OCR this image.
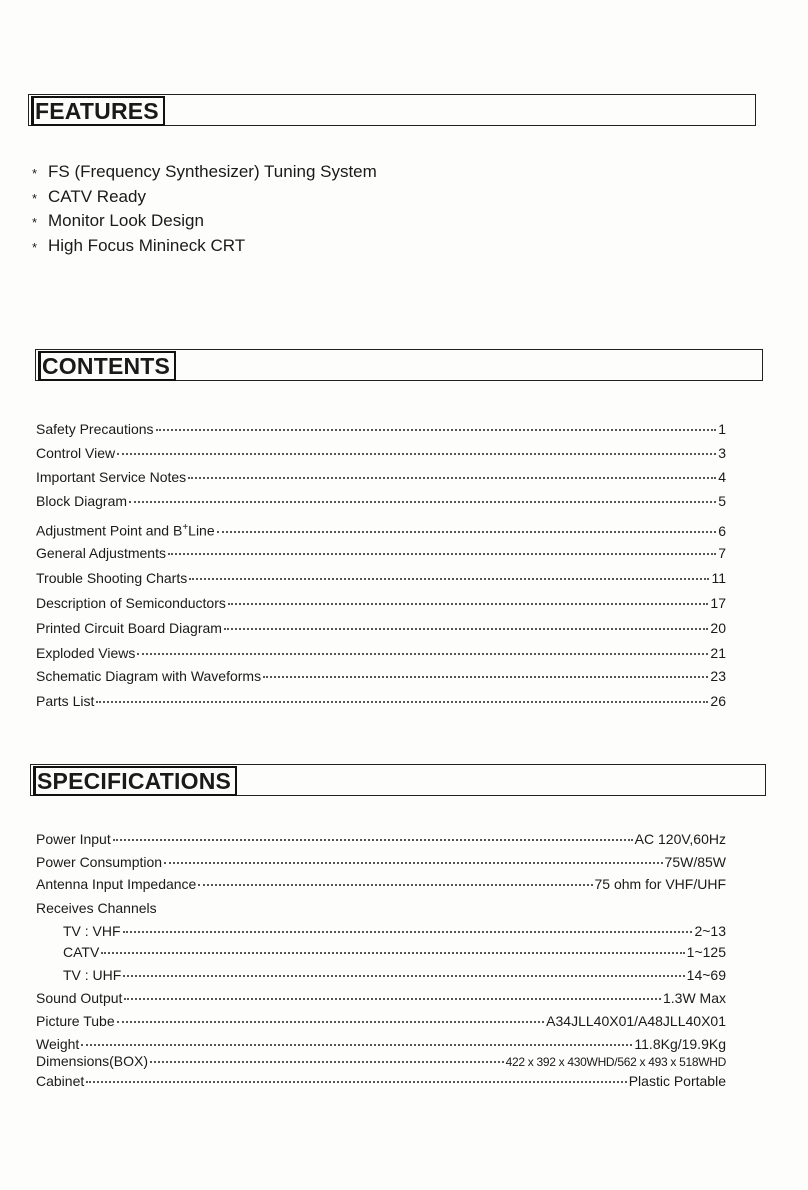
FEATURES
* FS (Frequency Synthesizer) Tuning System
* CATV Ready
* Monitor Look Design
* High Focus Minineck CRT
CONTENTS
Safety Precautions	1
Control View	3
Important Service Notes	4
Block Diagram	5
Adjustment Point and B+Line	6
General Adjustments	7
Trouble Shooting Charts	11
Description of Semiconductors	17
Printed Circuit Board Diagram	20
Exploded Views	21
Schematic Diagram with Waveforms	23
Parts List	26
SPECIFICATIONS
Power Input	AC 120V,60Hz
Power Consumption	75W/85W
Antenna Input Impedance	75 ohm for VHF/UHF
Receives Channels
TV : VHF	2~13
CATV	1~125
TV : UHF	14~69
Sound Output	1.3W Max
Picture Tube	A34JLL40X01/A48JLL40X01
Weight	11.8Kg/19.9Kg
Dimensions(BOX)	422 x 392 x 430WHD/562 x 493 x 518WHD
Cabinet	Plastic Portable
